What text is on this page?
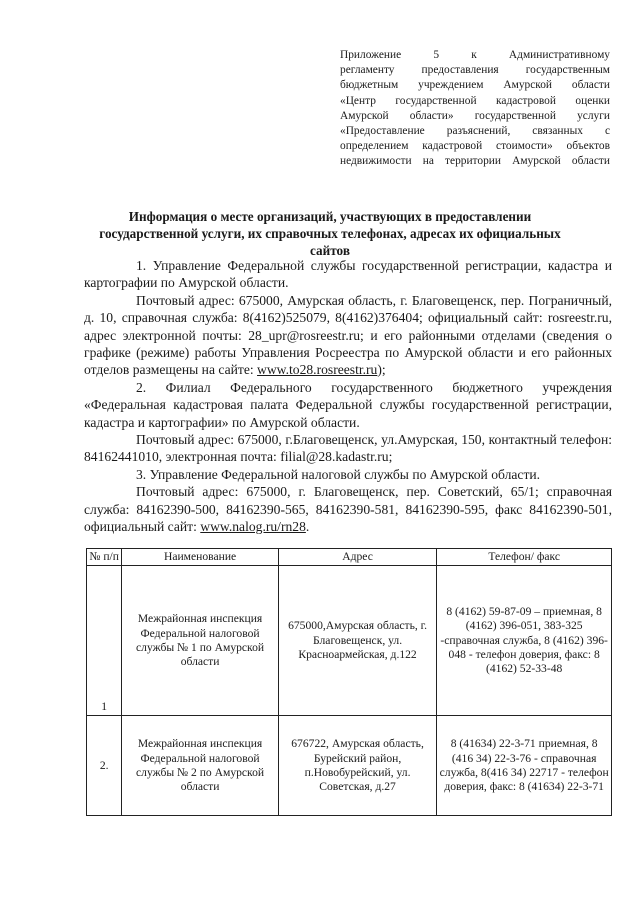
Приложение 5 к Административному
регламенту предоставления государственным
бюджетным учреждением Амурской области
«Центр государственной кадастровой оценки
Амурской области» государственной услуги
«Предоставление разъяснений, связанных с
определением кадастровой стоимости» объектов
недвижимости на территории Амурской области
Информация о месте организаций, участвующих в предоставлении государственной услуги, их справочных телефонах, адресах их официальных сайтов

1. Управление Федеральной службы государственной регистрации, кадастра и картографии по Амурской области.

Почтовый адрес: 675000, Амурская область, г. Благовещенск, пер. Пограничный, д. 10, справочная служба: 8(4162)525079, 8(4162)376404; официальный сайт: rosreestr.ru, адрес электронной почты: 28_upr@rosreestr.ru; и его районными отделами (сведения о графике (режиме) работы Управления Росреестра по Амурской области и его районных отделов размещены на сайте: www.to28.rosreestr.ru);

2. Филиал Федерального государственного бюджетного учреждения «Федеральная кадастровая палата Федеральной службы государственной регистрации, кадастра и картографии» по Амурской области.

Почтовый адрес: 675000, г.Благовещенск, ул.Амурская, 150, контактный телефон: 84162441010, электронная почта: filial@28.kadastr.ru;

3. Управление Федеральной налоговой службы по Амурской области.

Почтовый адрес: 675000, г. Благовещенск, пер. Советский, 65/1; справочная служба: 84162390-500, 84162390-565, 84162390-581, 84162390-595, факс 84162390-501, официальный сайт: www.nalog.ru/rn28.

№ п/п	Наименование	Адрес	Телефон/ факс
1	Межрайонная инспекция Федеральной налоговой службы № 1 по Амурской области	675000,Амурская область, г. Благовещенск, ул. Красноармейская, д.122	8 (4162) 59-87-09 – приемная, 8 (4162) 396-051, 383-325 -справочная служба, 8 (4162) 396-048 - телефон доверия, факс: 8 (4162) 52-33-48
2.	Межрайонная инспекция Федеральной налоговой службы № 2 по Амурской области	676722, Амурская область, Бурейский район, п.Новобурейский, ул. Советская, д.27	8 (41634) 22-3-71 приемная, 8 (416 34) 22-3-76 - справочная служба, 8(416 34) 22717 - телефон доверия, факс: 8 (41634) 22-3-71
